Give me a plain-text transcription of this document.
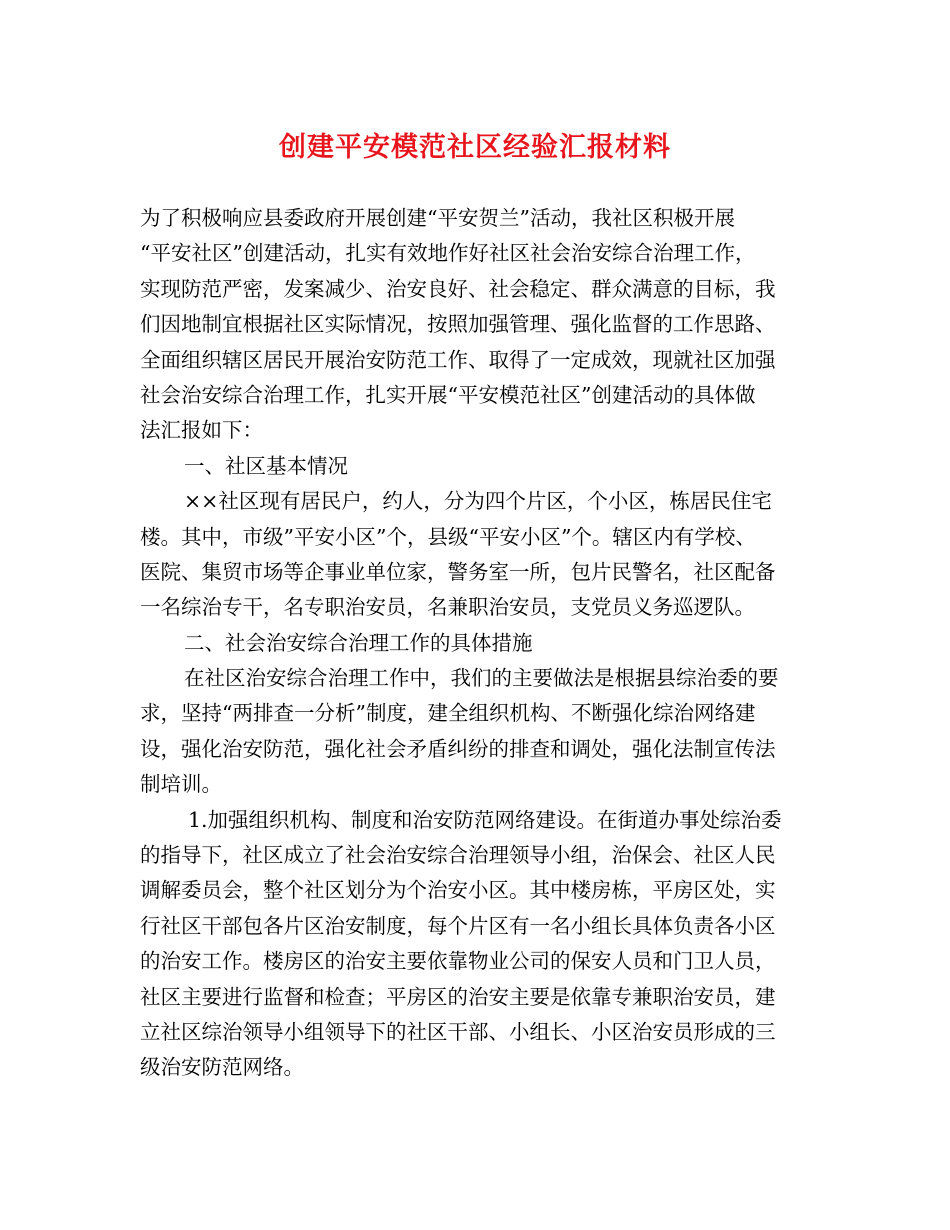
创建平安模范社区经验汇报材料
为了积极响应县委政府开展创建“平安贺兰”活动，我社区积极开展
“平安社区”创建活动，扎实有效地作好社区社会治安综合治理工作，
实现防范严密，发案减少、治安良好、社会稳定、群众满意的目标，我
们因地制宜根据社区实际情况，按照加强管理、强化监督的工作思路、
全面组织辖区居民开展治安防范工作、取得了一定成效，现就社区加强
社会治安综合治理工作，扎实开展“平安模范社区”创建活动的具体做
法汇报如下：
一、社区基本情况
××社区现有居民户，约人，分为四个片区，个小区，栋居民住宅
楼。其中，市级”平安小区”个，县级“平安小区”个。辖区内有学校、
医院、集贸市场等企事业单位家，警务室一所，包片民警名，社区配备
一名综治专干，名专职治安员，名兼职治安员，支党员义务巡逻队。
二、社会治安综合治理工作的具体措施
在社区治安综合治理工作中，我们的主要做法是根据县综治委的要
求，坚持“两排查一分析”制度，建全组织机构、不断强化综治网络建
设，强化治安防范，强化社会矛盾纠纷的排查和调处，强化法制宣传法
制培训。
1.加强组织机构、制度和治安防范网络建设。在街道办事处综治委
的指导下，社区成立了社会治安综合治理领导小组，治保会、社区人民
调解委员会，整个社区划分为个治安小区。其中楼房栋，平房区处，实
行社区干部包各片区治安制度，每个片区有一名小组长具体负责各小区
的治安工作。楼房区的治安主要依靠物业公司的保安人员和门卫人员，
社区主要进行监督和检查；平房区的治安主要是依靠专兼职治安员，建
立社区综治领导小组领导下的社区干部、小组长、小区治安员形成的三
级治安防范网络。
